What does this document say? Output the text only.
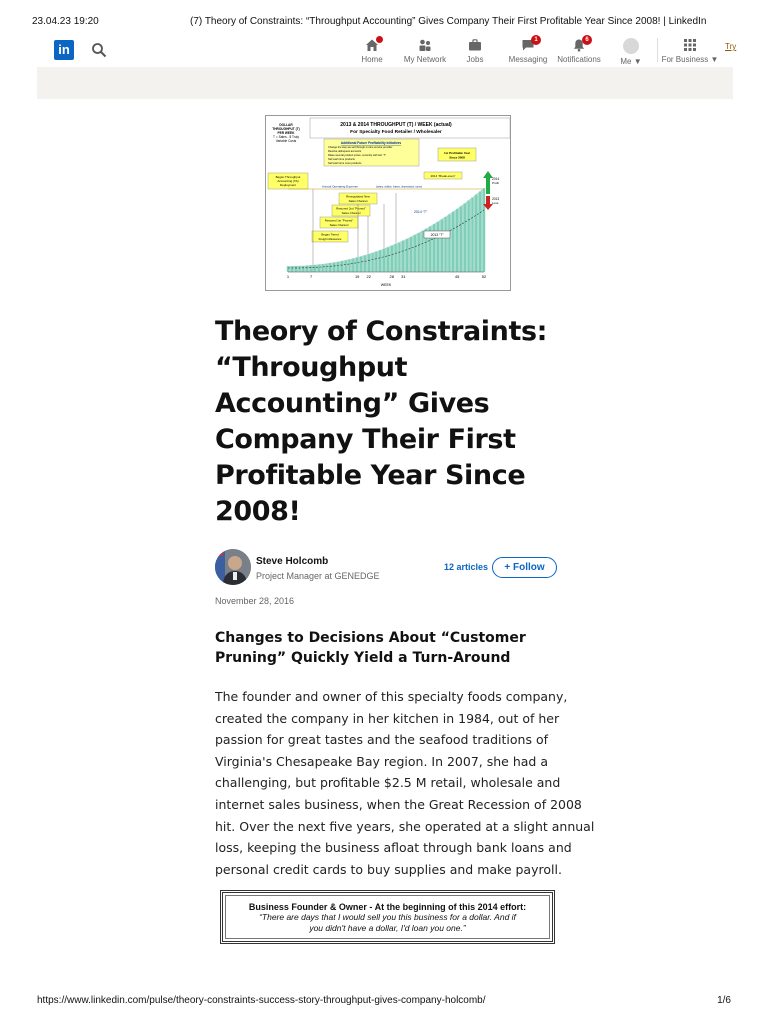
23.04.23 19:20	(7) Theory of Constraints: “Throughput Accounting” Gives Company Their First Profitable Year Since 2008! | LinkedIn
in
Home	My Network	Jobs
1
Messaging
6
Notifications	Me ▼	For Business ▼
Try
2013 & 2014 THROUGHPUT (T) / WEEK (actual)
For Specialty Food Retailer / Wholesaler
DOLLAR
THROUGHPUT (T)
PER WEEK
T = Sales - $ Truly
Variable Costs	Additional Future Profitability Initiatives
Change the way we sell through on-line service provider
Resolve delinquent accounts
Raise several product prices, currently with low “T”
Sell cash time products
Sell cash time more products
1st Profitable Year
Since 2008
2014 “Break-even”
Began Throughput
Accounting (TA)
Deployment	Annual Operating Expense	(salary, utilities, leases, depreciation, taxes)
Renegotiated New
Sales Channel
Restored 2nd “Pruned”
Sales Channel
Restored 1st “Pruned”
Sales Channel
Began Tiered
Freight Allowance
2014 “T”
2013 “T”
2014
Profit
2013
Loss
1	7	19 22	28 31	45	52
WEEK
Theory of Constraints:
“Throughput
Accounting” Gives
Company Their First
Profitable Year Since
2008!
Steve Holcomb
Project Manager at GENEDGE
12 articles	+ Follow
November 28, 2016
Changes to Decisions About “Customer
Pruning” Quickly Yield a Turn-Around
The founder and owner of this specialty foods company,
created the company in her kitchen in 1984, out of her
passion for great tastes and the seafood traditions of
Virginia's Chesapeake Bay region. In 2007, she had a
challenging, but profitable $2.5 M retail, wholesale and
internet sales business, when the Great Recession of 2008
hit. Over the next five years, she operated at a slight annual
loss, keeping the business afloat through bank loans and
personal credit cards to buy supplies and make payroll.
Business Founder & Owner - At the beginning of this 2014 effort:
“There are days that I would sell you this business for a dollar. And if
you didn't have a dollar, I'd loan you one.”
https://www.linkedin.com/pulse/theory-constraints-success-story-throughput-gives-company-holcomb/	1/6
